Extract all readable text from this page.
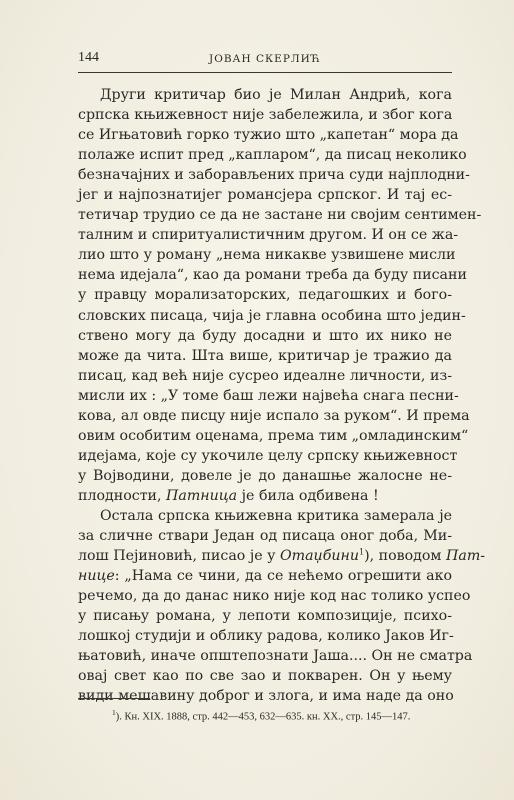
144	ЈОВАН СКЕРЛИЋ
Други критичар био је Милан Андрић, кога
српска књижевност није забележила, и због кога
се Игњатовић горко тужио што „капетан“ мора да
полаже испит пред „каплaром“, да писац неколико
безначајних и заборављених прича суди најплодни-
јег и најпознатијег романсјера српског. И тај ес-
тетичар трудио се да не застане ни својим сентимен-
талним и спиритуалистичним другом. И он се жа-
лио што у роману „нема никакве узвишене мисли
нема идејала“, као да романи треба да буду писани
у правцу морализаторских, педагошких и бого-
словских писаца, чија је главна особина што једин-
ствено могу да буду досадни и што их нико не
може да чита. Шта више, критичар је тражио да
писац, кад већ није сусрео идеалне личности, из-
мисли их : „У томе баш лежи највећа снага песни-
кова, ал овде писцу није испало за руком“. И према
овим особитим оценама, према тим „омладинским“
идејама, које су укочиле целу српску књижевност
у Војводини, довеле је до данашње жалосне не-
плодности, Патница је била одбивена !
Остала српска књижевна критика замерала је
за сличне ствари Један од писаца оног доба, Ми-
лош Пејиновић, писао је у Отаџбини$^1$), поводом Пат-
нице: „Нама се чини, да се нећемо огрешити ако
речемо, да до данас нико није код нас толико успео
у писању романа, у лепоти композиције, психо-
лошкој студији и облику радова, колико Јаков Иг-
њатовић, иначе општепознати Јаша.... Он не сматра
овај свет као по све зао и покварен. Он у њему
види мешавину доброг и злога, и има наде да оно
$^1$). Кн. XIX. 1888, стр. 442—453, 632—635. кн. XX., стр. 145—147.
